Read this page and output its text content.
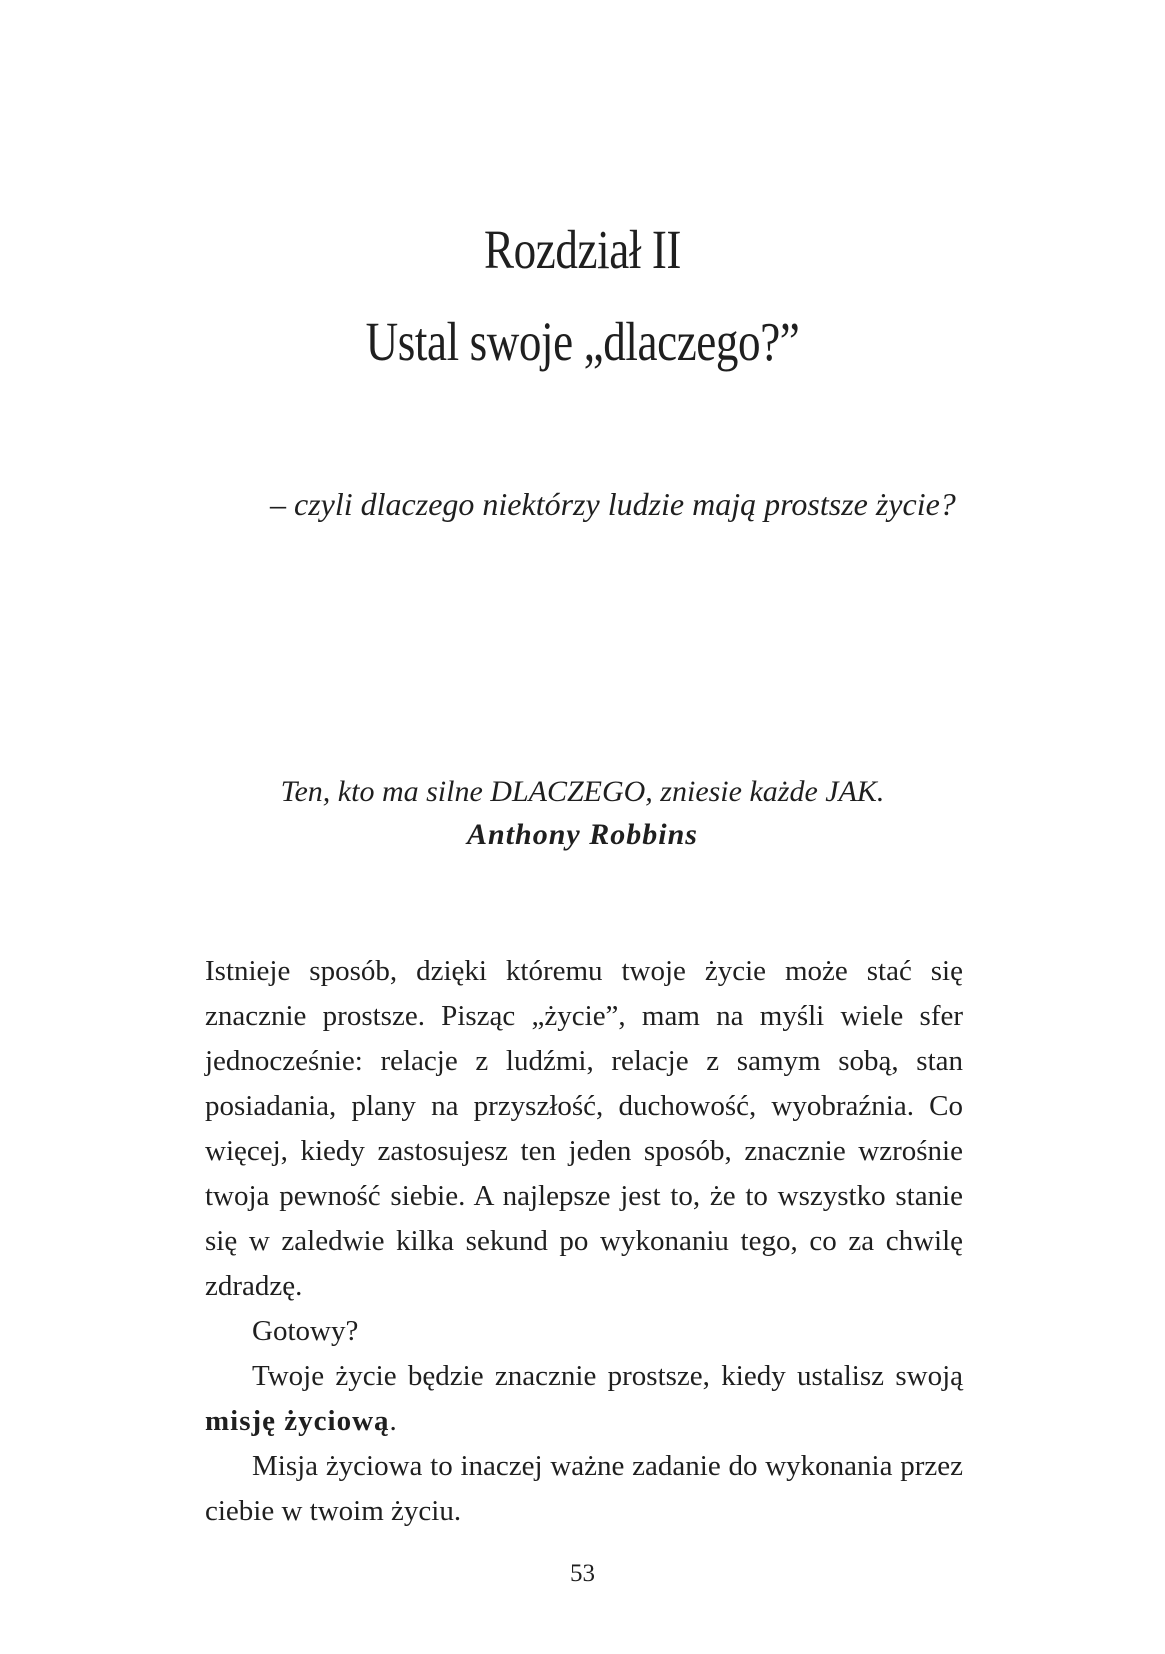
Rozdział II
Ustal swoje „dlaczego?”
– czyli dlaczego niektórzy ludzie mają prostsze życie?
Ten, kto ma silne DLACZEGO, zniesie każde JAK.
Anthony Robbins

Istnieje sposób, dzięki któremu twoje życie może stać się znacznie prostsze. Pisząc „życie”, mam na myśli wiele sfer jednocześnie: relacje z ludźmi, relacje z samym sobą, stan posiadania, plany na przyszłość, duchowość, wyobraźnia. Co więcej, kiedy zastosujesz ten jeden sposób, znacznie wzrośnie twoja pewność siebie. A najlepsze jest to, że to wszystko stanie się w zaledwie kilka sekund po wykonaniu tego, co za chwilę zdradzę.

Gotowy?

Twoje życie będzie znacznie prostsze, kiedy ustalisz swoją misję życiową.

Misja życiowa to inaczej ważne zadanie do wykonania przez ciebie w twoim życiu.

53
